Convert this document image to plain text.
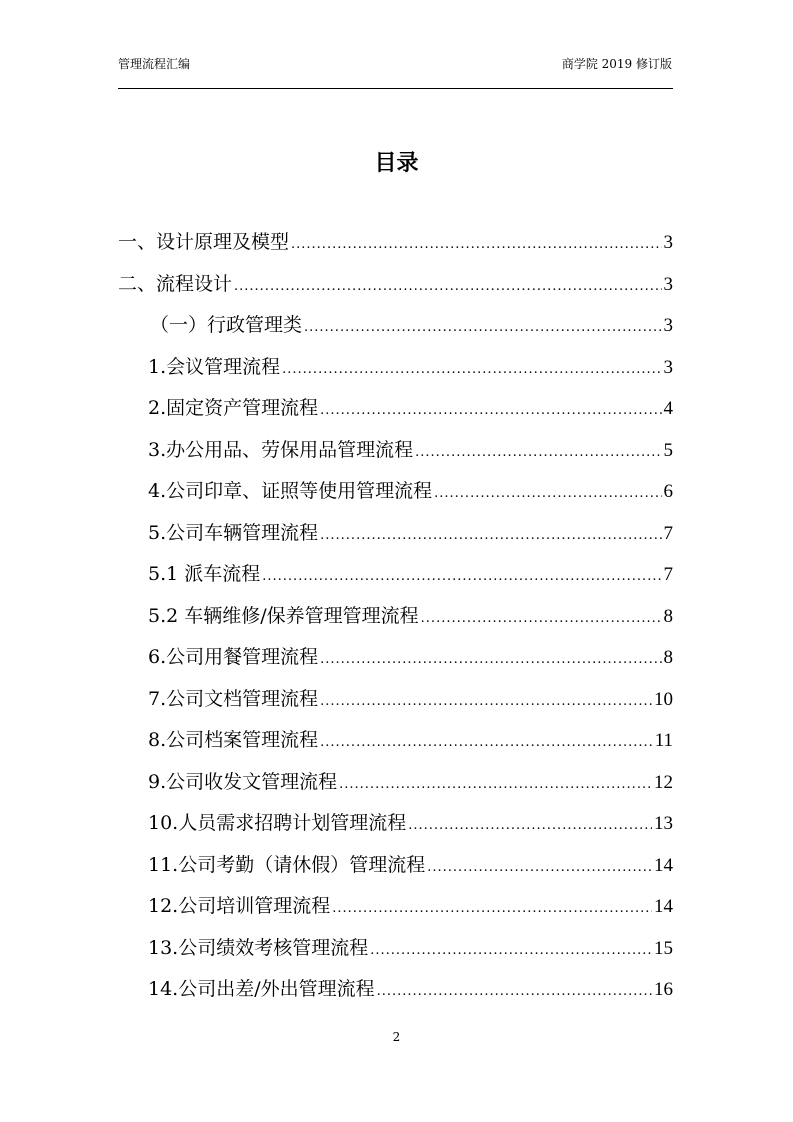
管理流程汇编	商学院 2019 修订版
目录
一、设计原理及模型 .....	3
二、流程设计 .....	3
（一）行政管理类 .....	3
1.会议管理流程 .....	3
2.固定资产管理流程 .....	4
3.办公用品、劳保用品管理流程 .....	5
4.公司印章、证照等使用管理流程 .....	6
5.公司车辆管理流程 .....	7
5.1 派车流程 .....	7
5.2 车辆维修/保养管理管理流程 .....	8
6.公司用餐管理流程 .....	8
7.公司文档管理流程 .....	10
8.公司档案管理流程 .....	11
9.公司收发文管理流程 .....	12
10.人员需求招聘计划管理流程 .....	13
11.公司考勤（请休假）管理流程 .....	14
12.公司培训管理流程 .....	14
13.公司绩效考核管理流程 .....	15
14.公司出差/外出管理流程 .....	16
2
